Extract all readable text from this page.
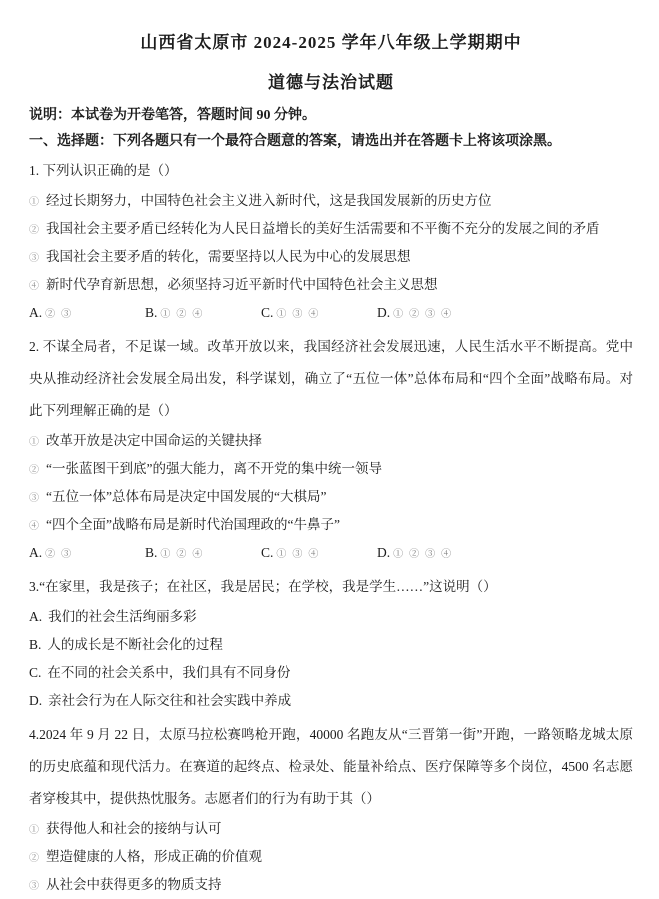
山西省太原市 2024-2025 学年八年级上学期期中
道德与法治试题

说明：本试卷为开卷笔答，答题时间 90 分钟。

一、选择题：下列各题只有一个最符合题意的答案，请选出并在答题卡上将该项涂黑。

1. 下列认识正确的是（）

① 经过长期努力，中国特色社会主义进入新时代，这是我国发展新的历史方位
② 我国社会主要矛盾已经转化为人民日益增长的美好生活需要和不平衡不充分的发展之间的矛盾
③ 我国社会主要矛盾的转化，需要坚持以人民为中心的发展思想
④ 新时代孕育新思想，必须坚持习近平新时代中国特色社会主义思想
A. ②③	B. ①②④	C. ①③④	D. ①②③④

2. 不谋全局者，不足谋一域。改革开放以来，我国经济社会发展迅速，人民生活水平不断提高。党中央从推动经济社会发展全局出发，科学谋划，确立了“五位一体”总体布局和“四个全面”战略布局。对此下列理解正确的是（）

① 改革开放是决定中国命运的关键抉择
② “一张蓝图干到底”的强大能力，离不开党的集中统一领导
③ “五位一体”总体布局是决定中国发展的“大棋局”
④ “四个全面”战略布局是新时代治国理政的“牛鼻子”
A. ②③	B. ①②④	C. ①③④	D. ①②③④

3.“在家里，我是孩子；在社区，我是居民；在学校，我是学生……”这说明（）

A. 我们的社会生活绚丽多彩
B. 人的成长是不断社会化的过程
C. 在不同的社会关系中，我们具有不同身份
D. 亲社会行为在人际交往和社会实践中养成

4.2024 年 9 月 22 日，太原马拉松赛鸣枪开跑，40000 名跑友从“三晋第一街”开跑，一路领略龙城太原的历史底蕴和现代活力。在赛道的起终点、检录处、能量补给点、医疗保障等多个岗位，4500 名志愿者穿梭其中，提供热忱服务。志愿者们的行为有助于其（）

① 获得他人和社会的接纳与认可
② 塑造健康的人格，形成正确的价值观
③ 从社会中获得更多的物质支持
